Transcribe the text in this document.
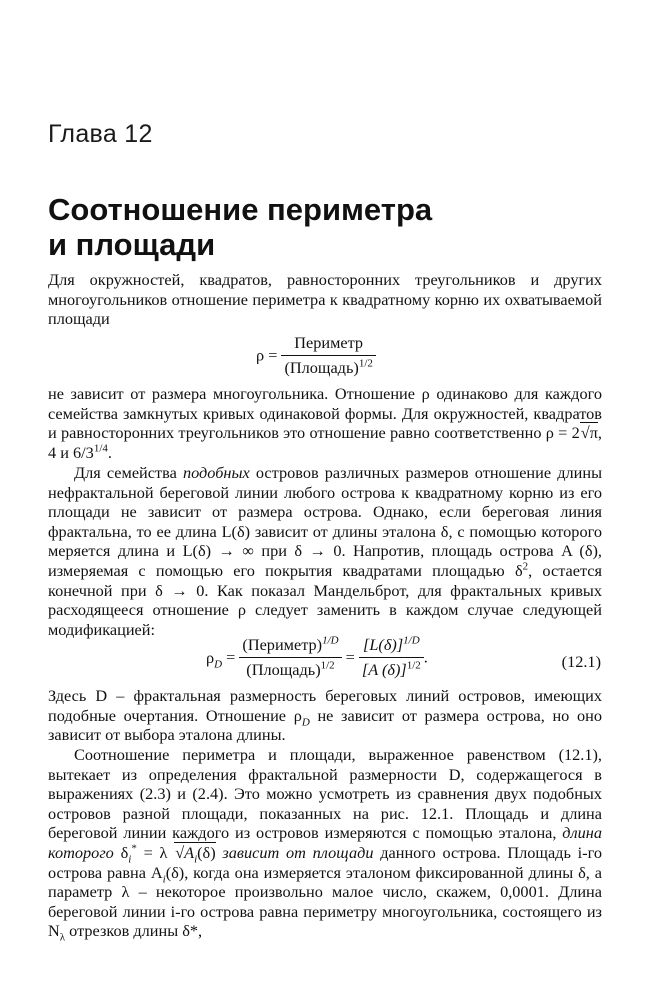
Глава 12
Соотношение периметра
и площади

Для окружностей, квадратов, равносторонних треугольников и других многоугольников отношение периметра к квадратному корню их охватываемой площади

$\rho = \frac{\text{Периметр}}{(Площадь)^{1/2}}$

не зависит от размера многоугольника. Отношение ρ одинаково для каждого семейства замкнутых кривых одинаковой формы. Для окружностей, квадратов и равносторонних треугольников это отношение равно соответственно ρ = 2√π, 4 и $6/3^{1/4}$.

Для семейства подобных островов различных размеров отношение длины нефрактальной береговой линии любого острова к квадратному корню из его площади не зависит от размера острова. Однако, если береговая линия фрактальна, то ее длина L(δ) зависит от длины эталона δ, с помощью которого меряется длина и L(δ) → ∞ при δ → 0. Напротив, площадь острова A (δ), измеряемая с помощью его покрытия квадратами площадью $\delta^2$, остается конечной при δ → 0. Как показал Мандельброт, для фрактальных кривых расходящееся отношение ρ следует заменить в каждом случае следующей модификацией:

$\rho_D = \frac{(Периметр)^{1/D}}{(Площадь)^{1/2}} = \frac{[L(\delta)]^{1/D}}{[A (\delta)]^{1/2}}$ .	(12.1)

Здесь D – фрактальная размерность береговых линий островов, имеющих подобные очертания. Отношение $\rho_D$ не зависит от размера острова, но оно зависит от выбора эталона длины.

Соотношение периметра и площади, выраженное равенством (12.1), вытекает из определения фрактальной размерности D, содержащегося в выражениях (2.3) и (2.4). Это можно усмотреть из сравнения двух подобных островов разной площади, показанных на рис. 12.1. Площадь и длина береговой линии каждого из островов измеряются с помощью эталона, длина которого $\delta_i^* = \lambda$ $√A_i(\delta)$ зависит от площади данного острова. Площадь i-го острова равна $A_i(\delta)$, когда она измеряется эталоном фиксированной длины δ, а параметр λ – некоторое произвольно малое число, скажем, 0,0001. Длина береговой линии i-го острова равна периметру многоугольника, состоящего из $N_\lambda$ отрезков длины δ*,
